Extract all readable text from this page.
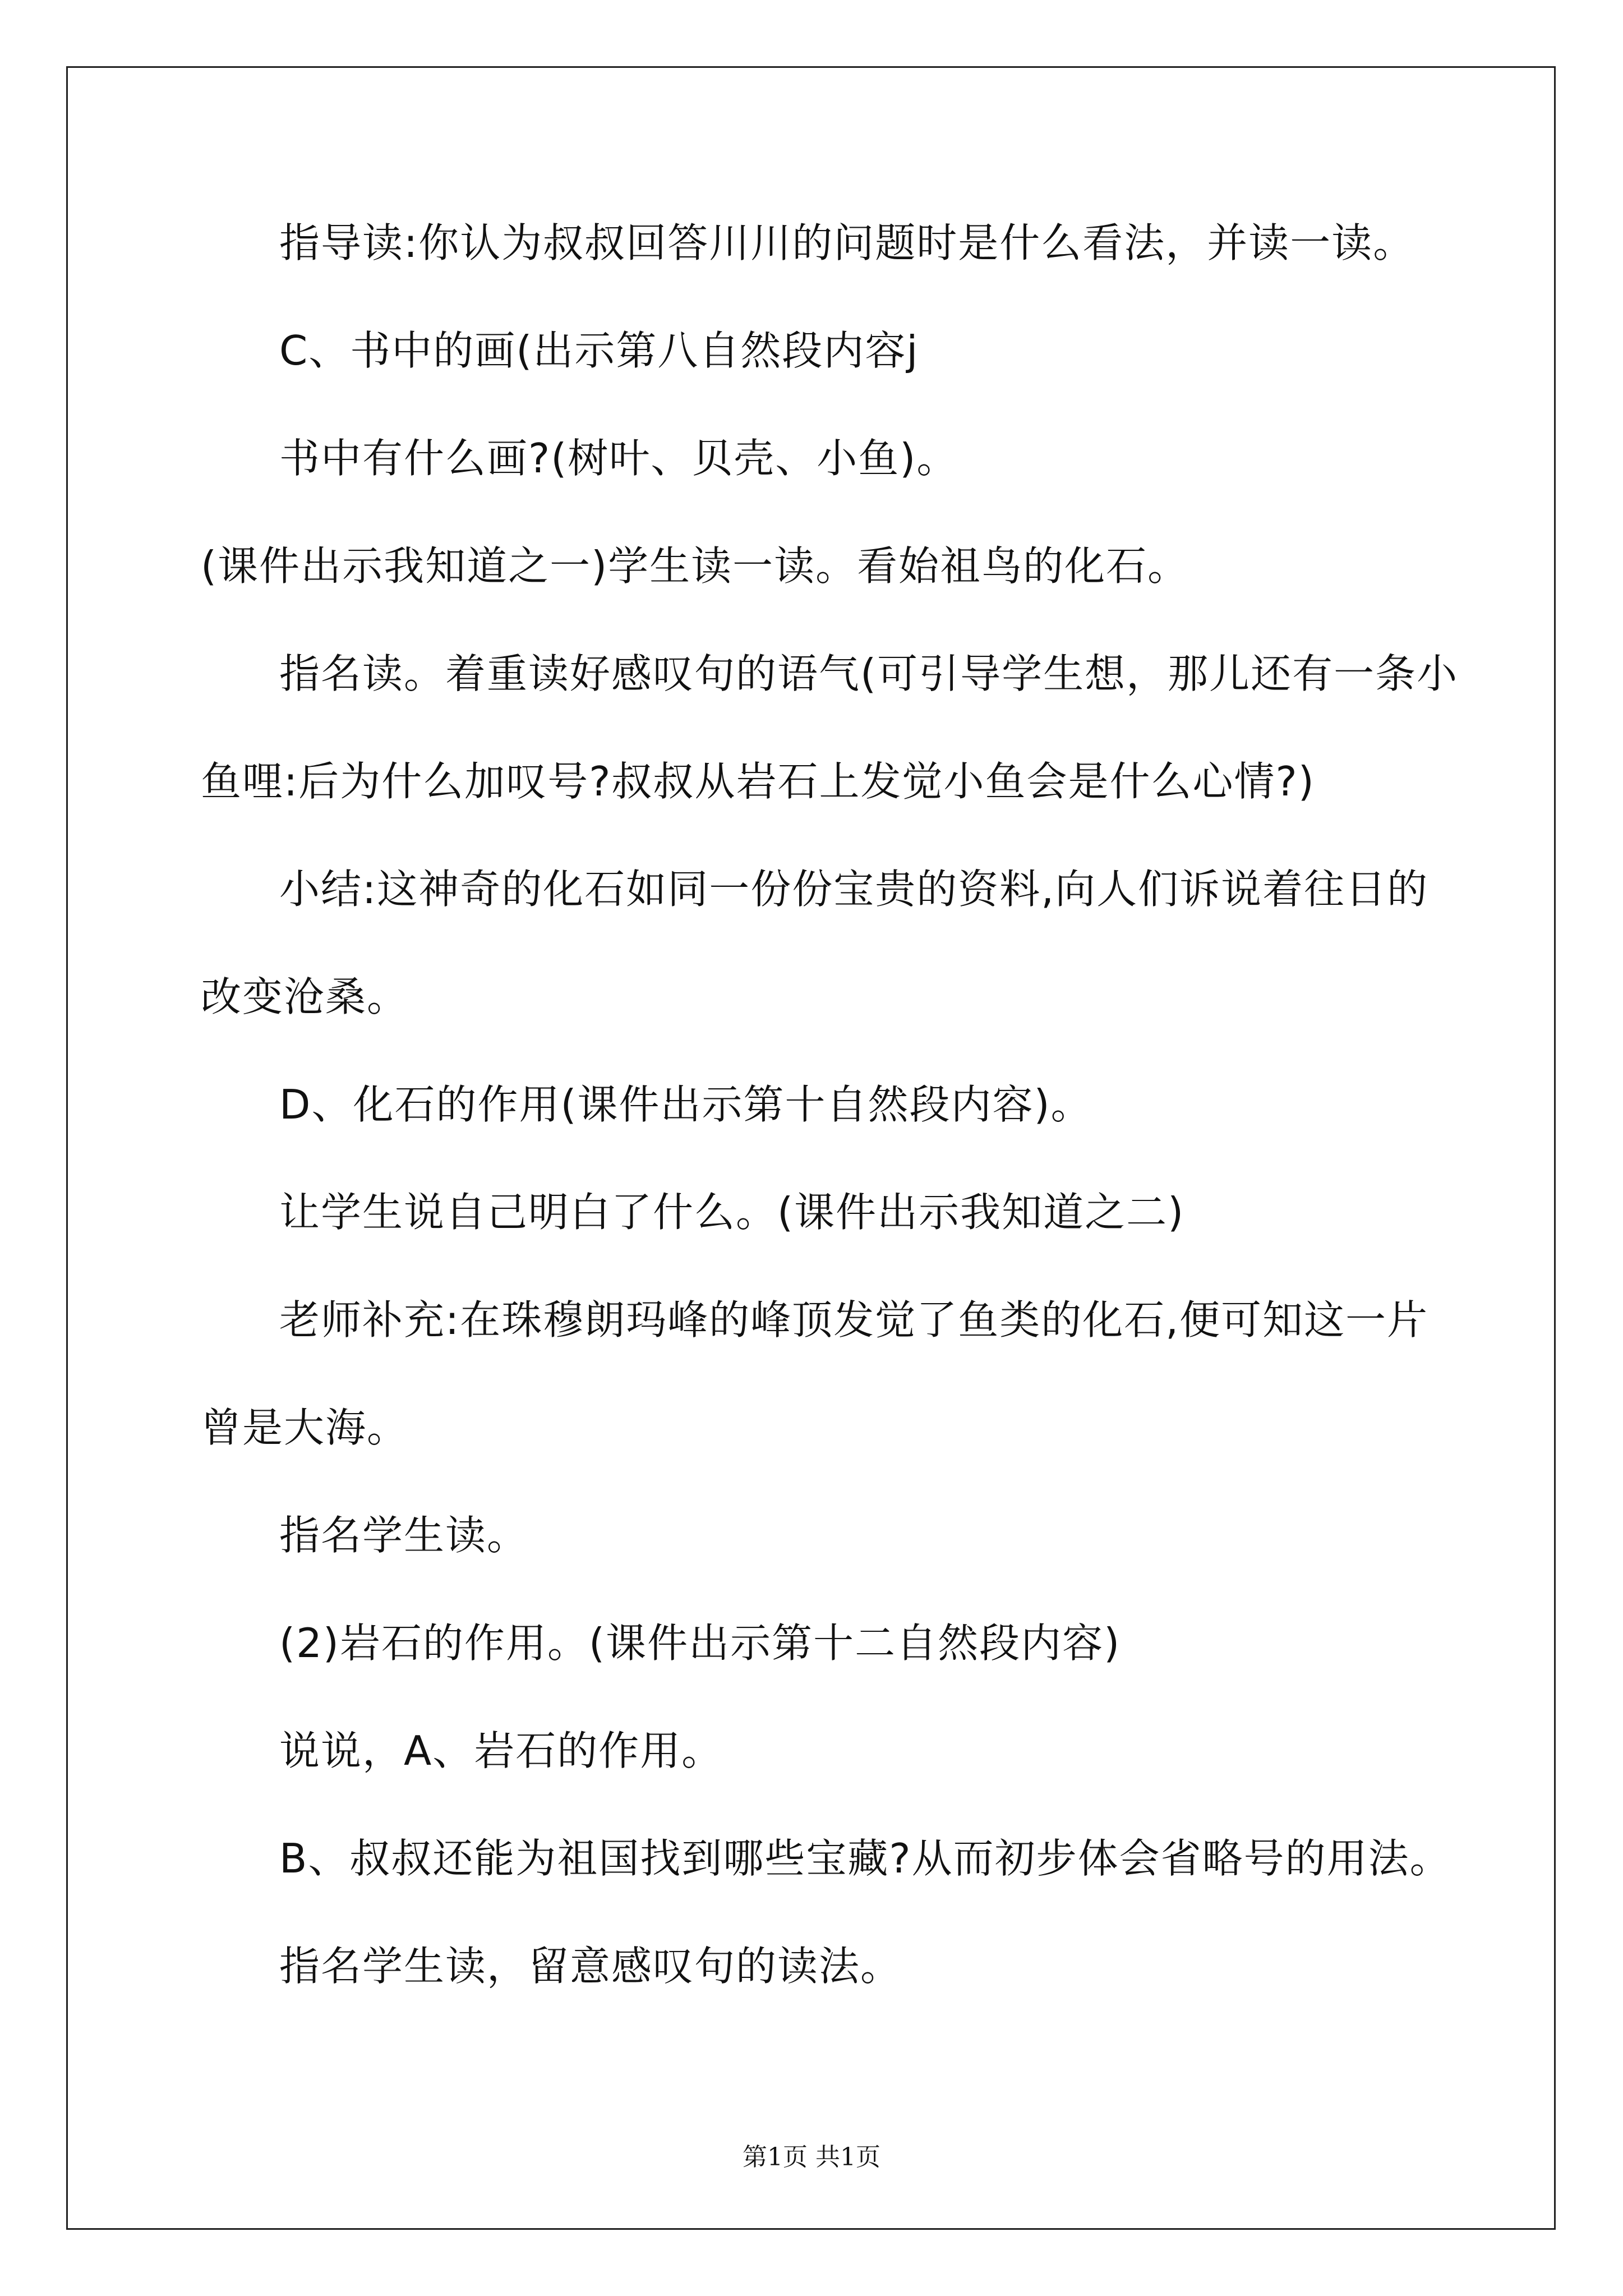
指导读:你认为叔叔回答川川的问题时是什么看法，并读一读。

C、书中的画(出示第八自然段内容j

书中有什么画?(树叶、贝壳、小鱼)。

(课件出示我知道之一)学生读一读。看始祖鸟的化石。

指名读。着重读好感叹句的语气(可引导学生想，那儿还有一条小

鱼哩:后为什么加叹号?叔叔从岩石上发觉小鱼会是什么心情?)

小结:这神奇的化石如同一份份宝贵的资料,向人们诉说着往日的

改变沧桑。

D、化石的作用(课件出示第十自然段内容)。

让学生说自己明白了什么。(课件出示我知道之二)

老师补充:在珠穆朗玛峰的峰顶发觉了鱼类的化石,便可知这一片

曾是大海。

指名学生读。

(2)岩石的作用。(课件出示第十二自然段内容)

说说，A、岩石的作用。

B、叔叔还能为祖国找到哪些宝藏?从而初步体会省略号的用法。

指名学生读，留意感叹句的读法。

第1页 共1页
